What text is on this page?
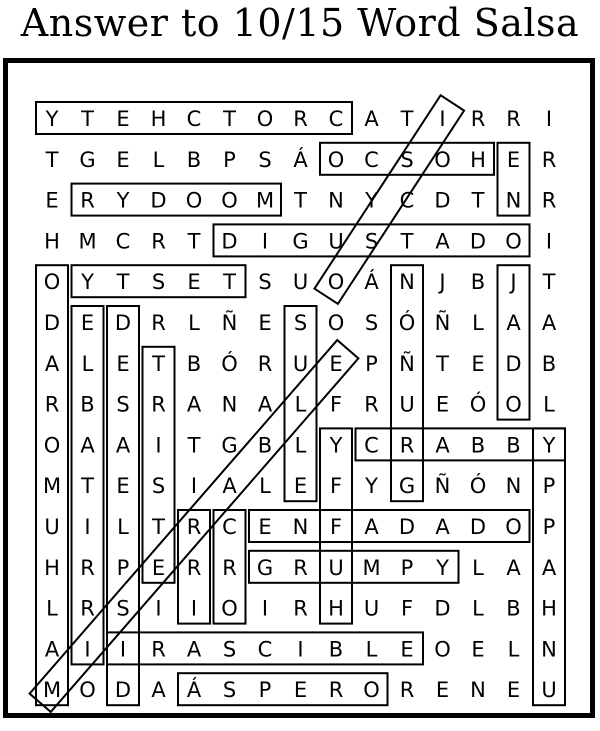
Answer to 10/15 Word Salsa
Y T E H C T O R C A T I R R I
T G E L B P S Á O C S O H E R
E R Y D O O M T N Y C D T N R
H M C R T D I G U S T A D O I
O Y T S E T S U O Á N J B J T
D E D R L Ñ E S O S Ó Ñ L A A
A L E T B Ó R U E P Ñ T E D B
R B S R A N A L F R U E Ó O L
O A A I T G B L Y C R A B B Y
M T E S I A L E F Y G Ñ Ó N P
U I L T R C E N F A D A D O P
H R P E R R G R U M P Y L A A
L R S I I O I R H U F D L B H
A I I R A S C I B L E O E L N
M O D A Á S P E R O R E N E U
